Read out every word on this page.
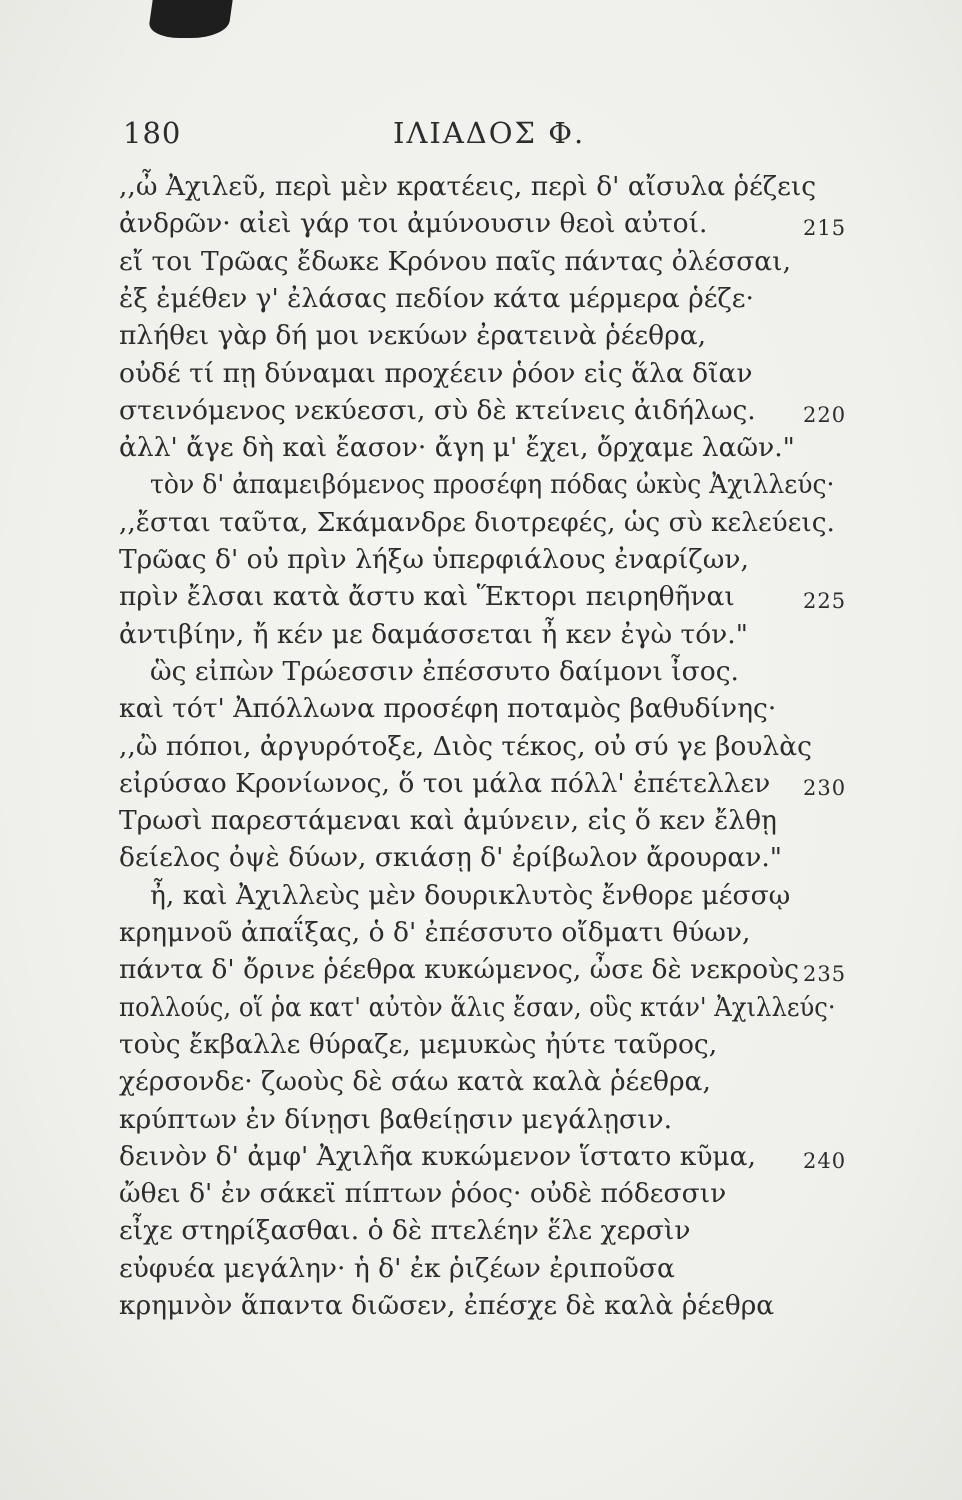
180	ΙΛΙΑΔΟΣ Φ.
,,ὦ Ἀχιλεῦ, περὶ μὲν κρατέεις, περὶ δ' αἴσυλα ῥέζεις
ἀνδρῶν· αἰεὶ γάρ τοι ἀμύνουσιν θεοὶ αὐτοί.	215
εἴ τοι Τρῶας ἔδωκε Κρόνου παῖς πάντας ὀλέσσαι,
ἐξ ἐμέθεν γ' ἐλάσας πεδίον κάτα μέρμερα ῥέζε·
πλήθει γὰρ δή μοι νεκύων ἐρατεινὰ ῥέεθρα,
οὐδέ τί πῃ δύναμαι προχέειν ῥόον εἰς ἅλα δῖαν
στεινόμενος νεκύεσσι, σὺ δὲ κτείνεις ἀιδήλως. 220
ἀλλ' ἄγε δὴ καὶ ἔασον· ἄγη μ' ἔχει, ὄρχαμε λαῶν."
τὸν δ' ἀπαμειβόμενος προσέφη πόδας ὠκὺς Ἀχιλλεύς·
,,ἔσται ταῦτα, Σκάμανδρε διοτρεφές, ὡς σὺ κελεύεις.
Τρῶας δ' οὐ πρὶν λήξω ὑπερφιάλους ἐναρίζων,
πρὶν ἔλσαι κατὰ ἄστυ καὶ Ἕκτορι πειρηθῆναι	225
ἀντιβίην, ἤ κέν με δαμάσσεται ἦ κεν ἐγὼ τόν."
ὣς εἰπὼν Τρώεσσιν ἐπέσσυτο δαίμονι ἶσος.
καὶ τότ' Ἀπόλλωνα προσέφη ποταμὸς βαθυδίνης·
,,ὢ πόποι, ἀργυρότοξε, Διὸς τέκος, οὐ σύ γε βουλὰς
εἰρύσαο Κρονίωνος, ὅ τοι μάλα πόλλ' ἐπέτελλεν 230
Τρωσὶ παρεστάμεναι καὶ ἀμύνειν, εἰς ὅ κεν ἔλθῃ
δείελος ὀψὲ δύων, σκιάσῃ δ' ἐρίβωλον ἄρουραν."
ἦ, καὶ Ἀχιλλεὺς μὲν δουρικλυτὸς ἔνθορε μέσσῳ
κρημνοῦ ἀπαΐξας, ὁ δ' ἐπέσσυτο οἴδματι θύων,
πάντα δ' ὄρινε ῥέεθρα κυκώμενος, ὦσε δὲ νεκροὺς 235
πολλούς, οἵ ῥα κατ' αὐτὸν ἅλις ἔσαν, οὓς κτάν' Ἀχιλλεύς·
τοὺς ἔκβαλλε θύραζε, μεμυκὼς ἠύτε ταῦρος,
χέρσονδε· ζωοὺς δὲ σάω κατὰ καλὰ ῥέεθρα,
κρύπτων ἐν δίνῃσι βαθείῃσιν μεγάλῃσιν.
δεινὸν δ' ἀμφ' Ἀχιλῆα κυκώμενον ἵστατο κῦμα, 240
ὤθει δ' ἐν σάκεϊ πίπτων ῥόος· οὐδὲ πόδεσσιν
εἶχε στηρίξασθαι. ὁ δὲ πτελέην ἕλε χερσὶν
εὐφυέα μεγάλην· ἡ δ' ἐκ ῥιζέων ἐριποῦσα
κρημνὸν ἅπαντα διῶσεν, ἐπέσχε δὲ καλὰ ῥέεθρα
